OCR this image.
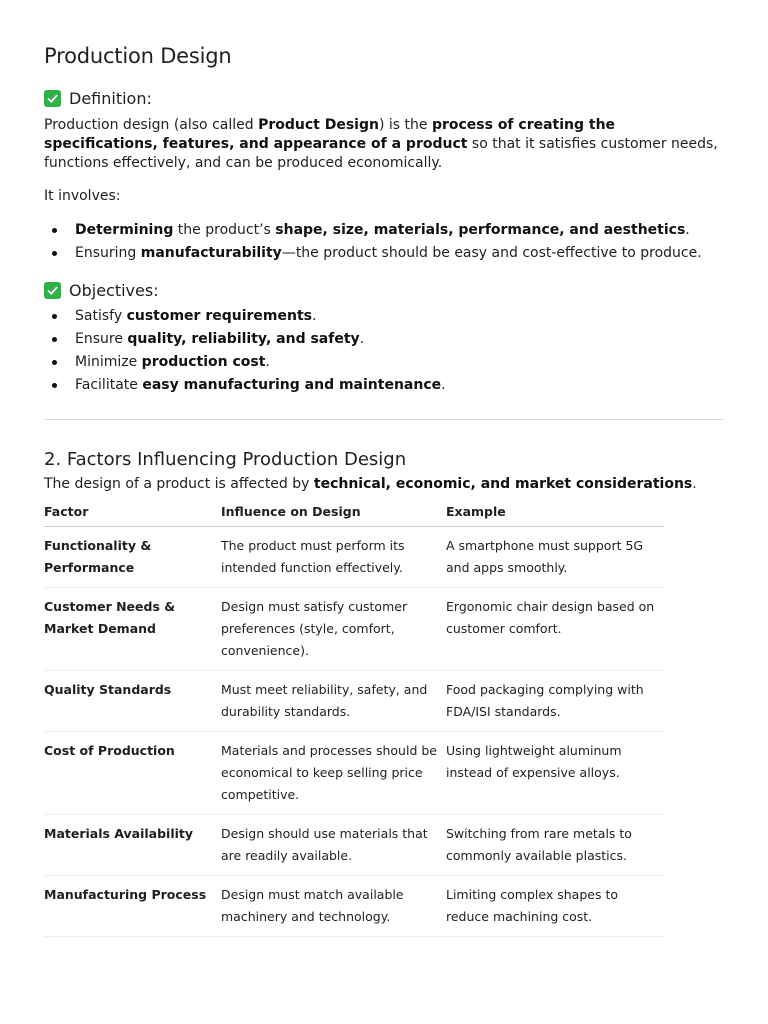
Production Design
Definition:

Production design (also called Product Design) is the process of creating the specifications, features, and appearance of a product so that it satisfies customer needs, functions effectively, and can be produced economically.

It involves:

Determining the product’s shape, size, materials, performance, and aesthetics.
Ensuring manufacturability—the product should be easy and cost-effective to produce.
Objectives:
Satisfy customer requirements.
Ensure quality, reliability, and safety.
Minimize production cost.
Facilitate easy manufacturing and maintenance.
2. Factors Influencing Production Design

The design of a product is affected by technical, economic, and market considerations.

Factor	Influence on Design	Example
Functionality & Performance	The product must perform its intended function effectively.	A smartphone must support 5G and apps smoothly.
Customer Needs & Market Demand	Design must satisfy customer preferences (style, comfort, convenience).	Ergonomic chair design based on customer comfort.
Quality Standards	Must meet reliability, safety, and durability standards.	Food packaging complying with FDA/ISI standards.
Cost of Production	Materials and processes should be economical to keep selling price competitive.	Using lightweight aluminum instead of expensive alloys.
Materials Availability	Design should use materials that are readily available.	Switching from rare metals to commonly available plastics.
Manufacturing Process	Design must match available machinery and technology.	Limiting complex shapes to reduce machining cost.
